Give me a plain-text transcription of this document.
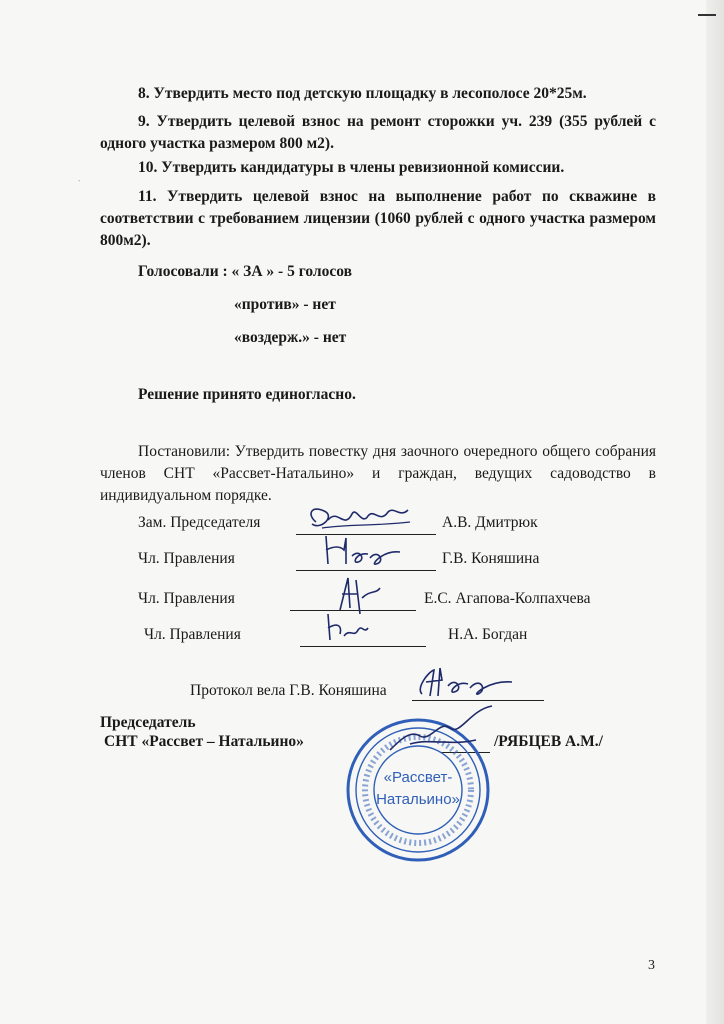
8. Утвердить место под детскую площадку в лесополосе 20*25м.
9. Утвердить целевой взнос на ремонт сторожки уч. 239 (355 рублей с одного участка размером 800 м2).
10. Утвердить кандидатуры в члены ревизионной комиссии.
∙
11. Утвердить целевой взнос на выполнение работ по скважине в соответствии с требованием лицензии (1060 рублей с одного участка размером 800м2).
Голосовали : « ЗА » - 5 голосов
«против» - нет
«воздерж.» - нет
Решение принято единогласно.
Постановили: Утвердить повестку дня заочного очередного общего собрания членов СНТ «Рассвет-Натальино» и граждан, ведущих садоводство в индивидуальном порядке.
Зам. Председателя	А.В. Дмитрюк
Чл. Правления	Г.В. Коняшина
Чл. Правления	Е.С. Агапова-Колпахчева
Чл. Правления	Н.А. Богдан
Протокол вела Г.В. Коняшина
Председатель
СНТ «Рассвет – Натальино»	/РЯБЦЕВ А.М./
«Рассвет-
Натальино»
3
